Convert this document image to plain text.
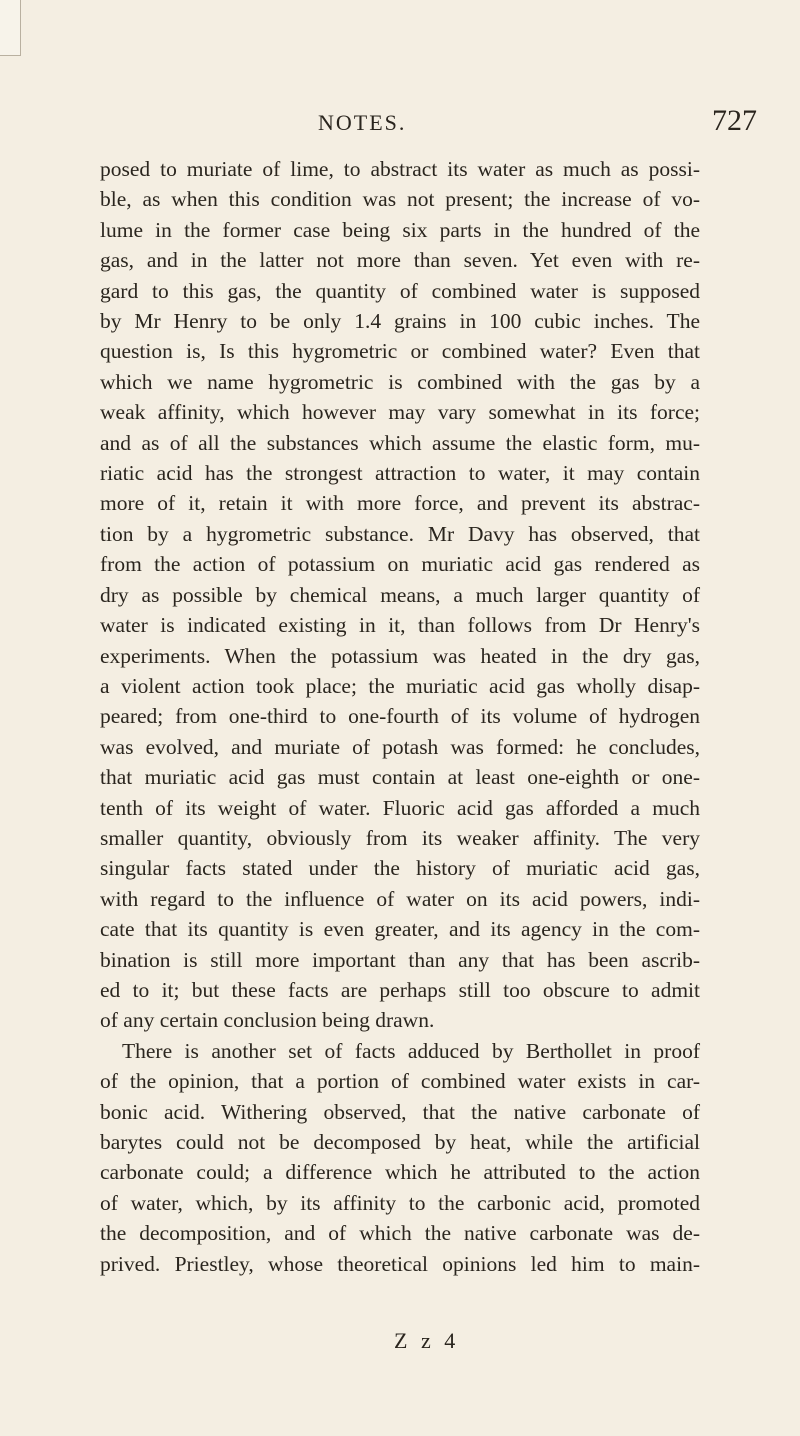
NOTES.	727
posed to muriate of lime, to abstract its water as much as possi-
ble, as when this condition was not present; the increase of vo-
lume in the former case being six parts in the hundred of the
gas, and in the latter not more than seven. Yet even with re-
gard to this gas, the quantity of combined water is supposed
by Mr Henry to be only 1.4 grains in 100 cubic inches. The
question is, Is this hygrometric or combined water? Even that
which we name hygrometric is combined with the gas by a
weak affinity, which however may vary somewhat in its force;
and as of all the substances which assume the elastic form, mu-
riatic acid has the strongest attraction to water, it may contain
more of it, retain it with more force, and prevent its abstrac-
tion by a hygrometric substance. Mr Davy has observed, that
from the action of potassium on muriatic acid gas rendered as
dry as possible by chemical means, a much larger quantity of
water is indicated existing in it, than follows from Dr Henry's
experiments. When the potassium was heated in the dry gas,
a violent action took place; the muriatic acid gas wholly disap-
peared; from one-third to one-fourth of its volume of hydrogen
was evolved, and muriate of potash was formed: he concludes,
that muriatic acid gas must contain at least one-eighth or one-
tenth of its weight of water. Fluoric acid gas afforded a much
smaller quantity, obviously from its weaker affinity. The very
singular facts stated under the history of muriatic acid gas,
with regard to the influence of water on its acid powers, indi-
cate that its quantity is even greater, and its agency in the com-
bination is still more important than any that has been ascrib-
ed to it; but these facts are perhaps still too obscure to admit
of any certain conclusion being drawn.
There is another set of facts adduced by Berthollet in proof
of the opinion, that a portion of combined water exists in car-
bonic acid. Withering observed, that the native carbonate of
barytes could not be decomposed by heat, while the artificial
carbonate could; a difference which he attributed to the action
of water, which, by its affinity to the carbonic acid, promoted
the decomposition, and of which the native carbonate was de-
prived. Priestley, whose theoretical opinions led him to main-
Z z 4
